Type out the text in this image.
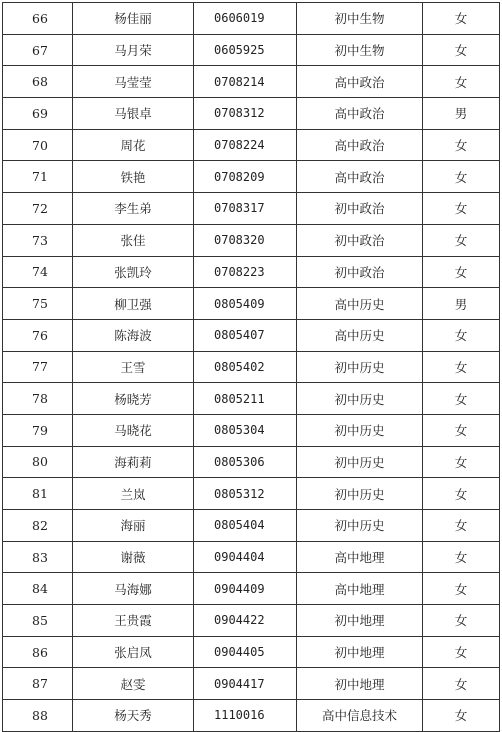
66	杨佳丽	0606019	初中生物	女
67	马月荣	0605925	初中生物	女
68	马莹莹	0708214	高中政治	女
69	马银卓	0708312	高中政治	男
70	周花	0708224	高中政治	女
71	铁艳	0708209	高中政治	女
72	李生弟	0708317	初中政治	女
73	张佳	0708320	初中政治	女
74	张凯玲	0708223	初中政治	女
75	柳卫强	0805409	高中历史	男
76	陈海波	0805407	高中历史	女
77	王雪	0805402	初中历史	女
78	杨晓芳	0805211	初中历史	女
79	马晓花	0805304	初中历史	女
80	海莉莉	0805306	初中历史	女
81	兰岚	0805312	初中历史	女
82	海丽	0805404	初中历史	女
83	谢薇	0904404	高中地理	女
84	马海娜	0904409	高中地理	女
85	王贵霞	0904422	初中地理	女
86	张启凤	0904405	初中地理	女
87	赵雯	0904417	初中地理	女
88	杨天秀	1110016	高中信息技术	女
